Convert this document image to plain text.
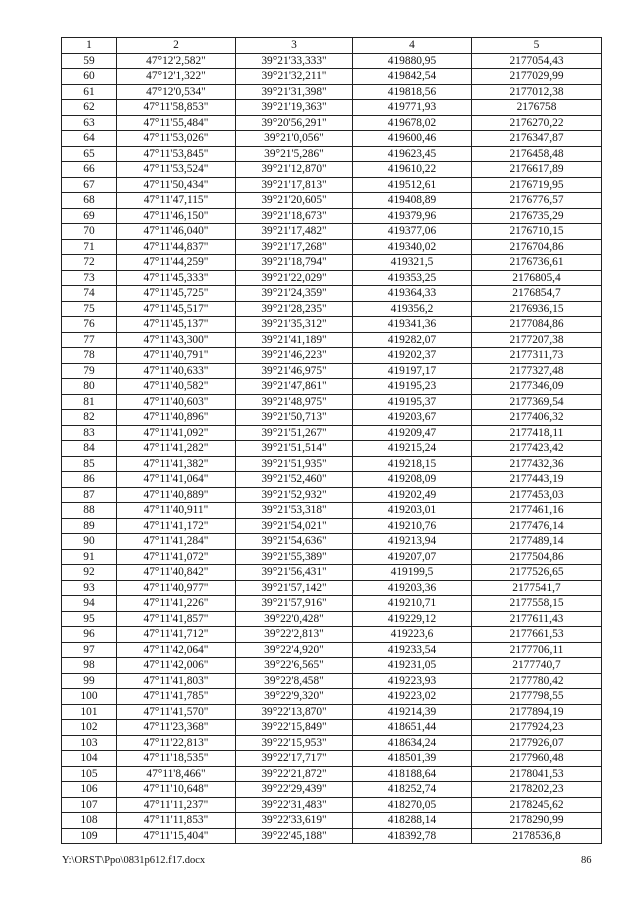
1	2	3	4	5
59	47°12'2,582"	39°21'33,333"	419880,95	2177054,43
60	47°12'1,322"	39°21'32,211"	419842,54	2177029,99
61	47°12'0,534"	39°21'31,398"	419818,56	2177012,38
62	47°11'58,853"	39°21'19,363"	419771,93	2176758
63	47°11'55,484"	39°20'56,291"	419678,02	2176270,22
64	47°11'53,026"	39°21'0,056"	419600,46	2176347,87
65	47°11'53,845"	39°21'5,286"	419623,45	2176458,48
66	47°11'53,524"	39°21'12,870"	419610,22	2176617,89
67	47°11'50,434"	39°21'17,813"	419512,61	2176719,95
68	47°11'47,115"	39°21'20,605"	419408,89	2176776,57
69	47°11'46,150"	39°21'18,673"	419379,96	2176735,29
70	47°11'46,040"	39°21'17,482"	419377,06	2176710,15
71	47°11'44,837"	39°21'17,268"	419340,02	2176704,86
72	47°11'44,259"	39°21'18,794"	419321,5	2176736,61
73	47°11'45,333"	39°21'22,029"	419353,25	2176805,4
74	47°11'45,725"	39°21'24,359"	419364,33	2176854,7
75	47°11'45,517"	39°21'28,235"	419356,2	2176936,15
76	47°11'45,137"	39°21'35,312"	419341,36	2177084,86
77	47°11'43,300"	39°21'41,189"	419282,07	2177207,38
78	47°11'40,791"	39°21'46,223"	419202,37	2177311,73
79	47°11'40,633"	39°21'46,975"	419197,17	2177327,48
80	47°11'40,582"	39°21'47,861"	419195,23	2177346,09
81	47°11'40,603"	39°21'48,975"	419195,37	2177369,54
82	47°11'40,896"	39°21'50,713"	419203,67	2177406,32
83	47°11'41,092"	39°21'51,267"	419209,47	2177418,11
84	47°11'41,282"	39°21'51,514"	419215,24	2177423,42
85	47°11'41,382"	39°21'51,935"	419218,15	2177432,36
86	47°11'41,064"	39°21'52,460"	419208,09	2177443,19
87	47°11'40,889"	39°21'52,932"	419202,49	2177453,03
88	47°11'40,911"	39°21'53,318"	419203,01	2177461,16
89	47°11'41,172"	39°21'54,021"	419210,76	2177476,14
90	47°11'41,284"	39°21'54,636"	419213,94	2177489,14
91	47°11'41,072"	39°21'55,389"	419207,07	2177504,86
92	47°11'40,842"	39°21'56,431"	419199,5	2177526,65
93	47°11'40,977"	39°21'57,142"	419203,36	2177541,7
94	47°11'41,226"	39°21'57,916"	419210,71	2177558,15
95	47°11'41,857"	39°22'0,428"	419229,12	2177611,43
96	47°11'41,712"	39°22'2,813"	419223,6	2177661,53
97	47°11'42,064"	39°22'4,920"	419233,54	2177706,11
98	47°11'42,006"	39°22'6,565"	419231,05	2177740,7
99	47°11'41,803"	39°22'8,458"	419223,93	2177780,42
100	47°11'41,785"	39°22'9,320"	419223,02	2177798,55
101	47°11'41,570"	39°22'13,870"	419214,39	2177894,19
102	47°11'23,368"	39°22'15,849"	418651,44	2177924,23
103	47°11'22,813"	39°22'15,953"	418634,24	2177926,07
104	47°11'18,535"	39°22'17,717"	418501,39	2177960,48
105	47°11'8,466"	39°22'21,872"	418188,64	2178041,53
106	47°11'10,648"	39°22'29,439"	418252,74	2178202,23
107	47°11'11,237"	39°22'31,483"	418270,05	2178245,62
108	47°11'11,853"	39°22'33,619"	418288,14	2178290,99
109	47°11'15,404"	39°22'45,188"	418392,78	2178536,8
Y:\ORST\Ppo\0831p612.f17.docx	86
